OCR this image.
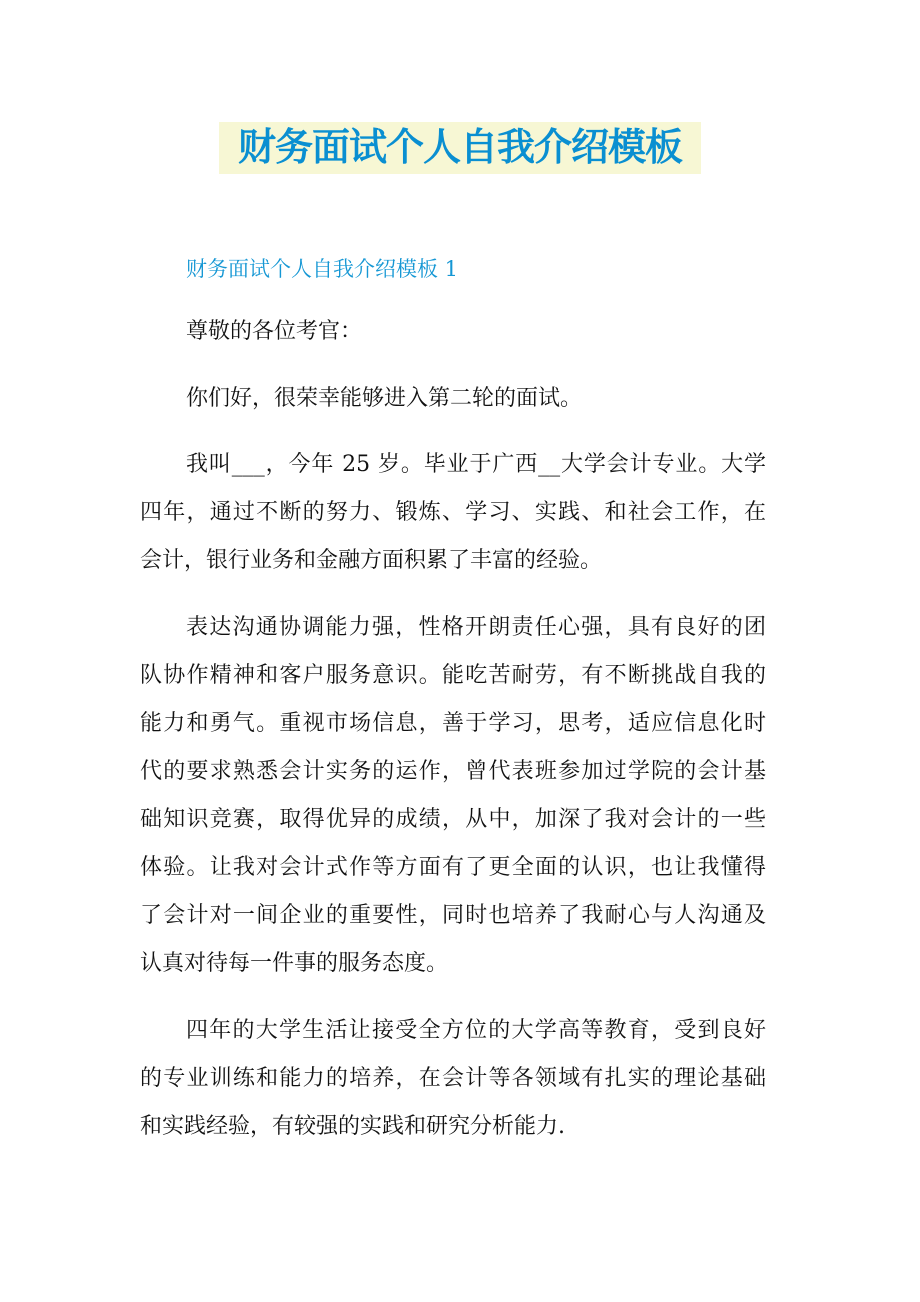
财务面试个人自我介绍模板
财务面试个人自我介绍模板 1
尊敬的各位考官：
你们好，很荣幸能够进入第二轮的面试。
我叫___，今年 25 岁。毕业于广西__大学会计专业。大学
四年，通过不断的努力、锻炼、学习、实践、和社会工作，在
会计，银行业务和金融方面积累了丰富的经验。
表达沟通协调能力强，性格开朗责任心强，具有良好的团
队协作精神和客户服务意识。能吃苦耐劳，有不断挑战自我的
能力和勇气。重视市场信息，善于学习，思考，适应信息化时
代的要求熟悉会计实务的运作，曾代表班参加过学院的会计基
础知识竞赛，取得优异的成绩，从中，加深了我对会计的一些
体验。让我对会计式作等方面有了更全面的认识，也让我懂得
了会计对一间企业的重要性，同时也培养了我耐心与人沟通及
认真对待每一件事的服务态度。
四年的大学生活让接受全方位的大学高等教育，受到良好
的专业训练和能力的培养，在会计等各领域有扎实的理论基础
和实践经验，有较强的实践和研究分析能力.
